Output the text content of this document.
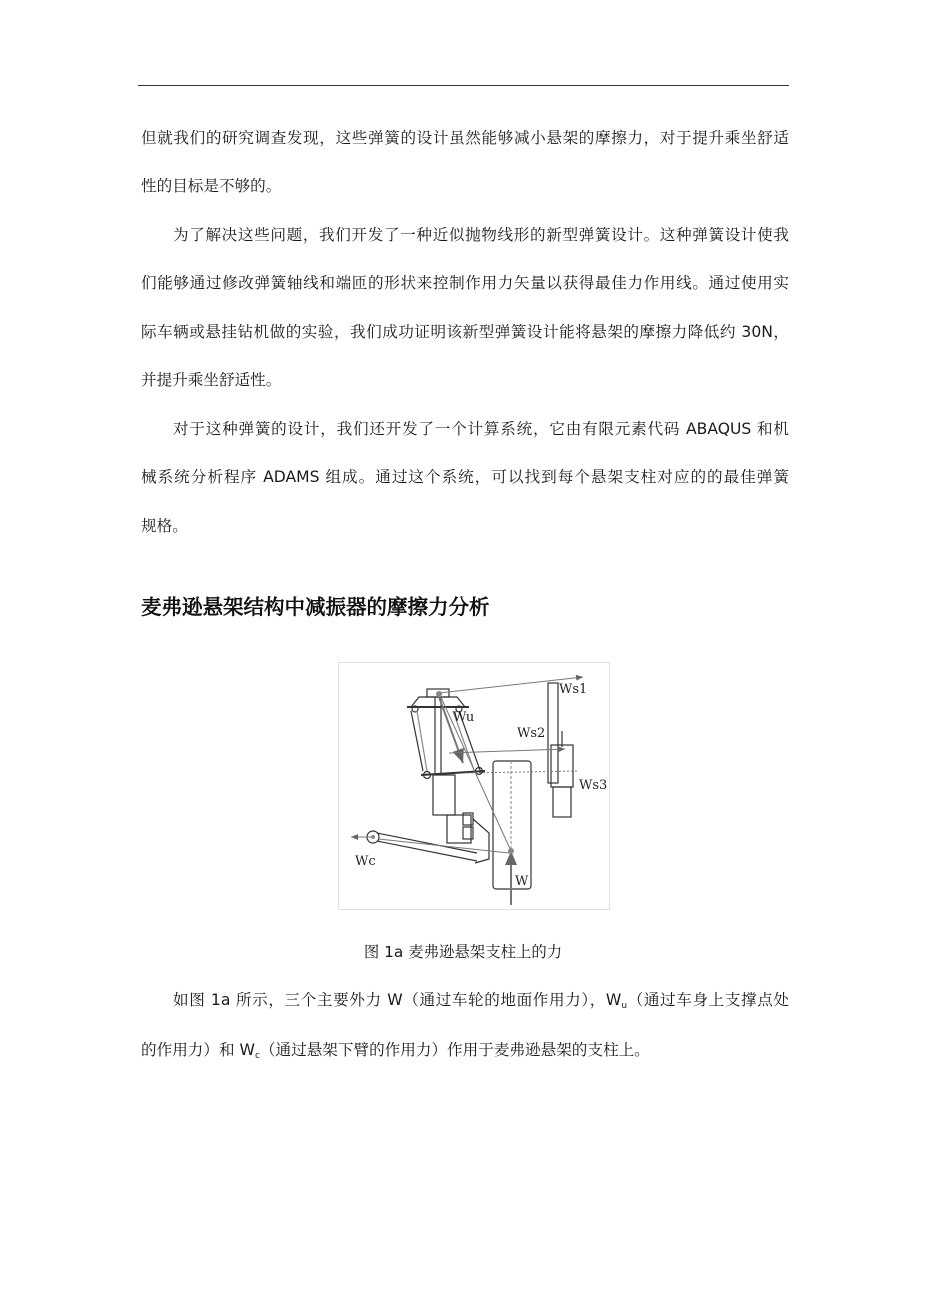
但就我们的研究调查发现，这些弹簧的设计虽然能够减小悬架的摩擦力，对于提升乘坐舒适
性的目标是不够的。
为了解决这些问题，我们开发了一种近似抛物线形的新型弹簧设计。这种弹簧设计使我
们能够通过修改弹簧轴线和端匝的形状来控制作用力矢量以获得最佳力作用线。通过使用实
际车辆或悬挂钻机做的实验，我们成功证明该新型弹簧设计能将悬架的摩擦力降低约 30N，
并提升乘坐舒适性。
对于这种弹簧的设计，我们还开发了一个计算系统，它由有限元素代码 ABAQUS 和机
械系统分析程序 ADAMS 组成。通过这个系统，可以找到每个悬架支柱对应的的最佳弹簧
规格。
麦弗逊悬架结构中减振器的摩擦力分析
Ws1
Wu
Ws2
Ws3
Wc
W
图 1a 麦弗逊悬架支柱上的力
如图 1a 所示，三个主要外力 W（通过车轮的地面作用力），$W_u$（通过车身上支撑点处
的作用力）和 $W_c$（通过悬架下臂的作用力）作用于麦弗逊悬架的支柱上。
